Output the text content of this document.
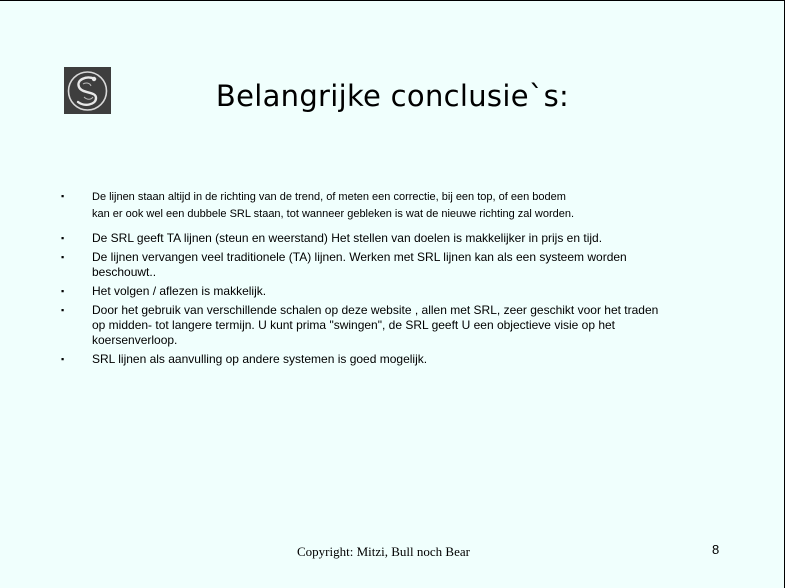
Belangrijke conclusie`s:
▪	De lijnen staan altijd in de richting van de trend, of meten een correctie, bij een top, of een bodem
kan er ook wel een dubbele SRL staan, tot wanneer gebleken is wat de nieuwe richting zal worden.
▪	De SRL geeft TA lijnen (steun en weerstand) Het stellen van doelen is makkelijker in prijs en tijd.
▪	De lijnen vervangen veel traditionele (TA) lijnen. Werken met SRL lijnen kan als een systeem worden
beschouwt..
▪	Het volgen / aflezen is makkelijk.
▪	Door het gebruik van verschillende schalen op deze website , allen met SRL, zeer geschikt voor het traden
op midden- tot langere termijn. U kunt prima "swingen", de SRL geeft U een objectieve visie op het
koersenverloop.
▪	SRL lijnen als aanvulling op andere systemen is goed mogelijk.
Copyright: Mitzi, Bull noch Bear	8
